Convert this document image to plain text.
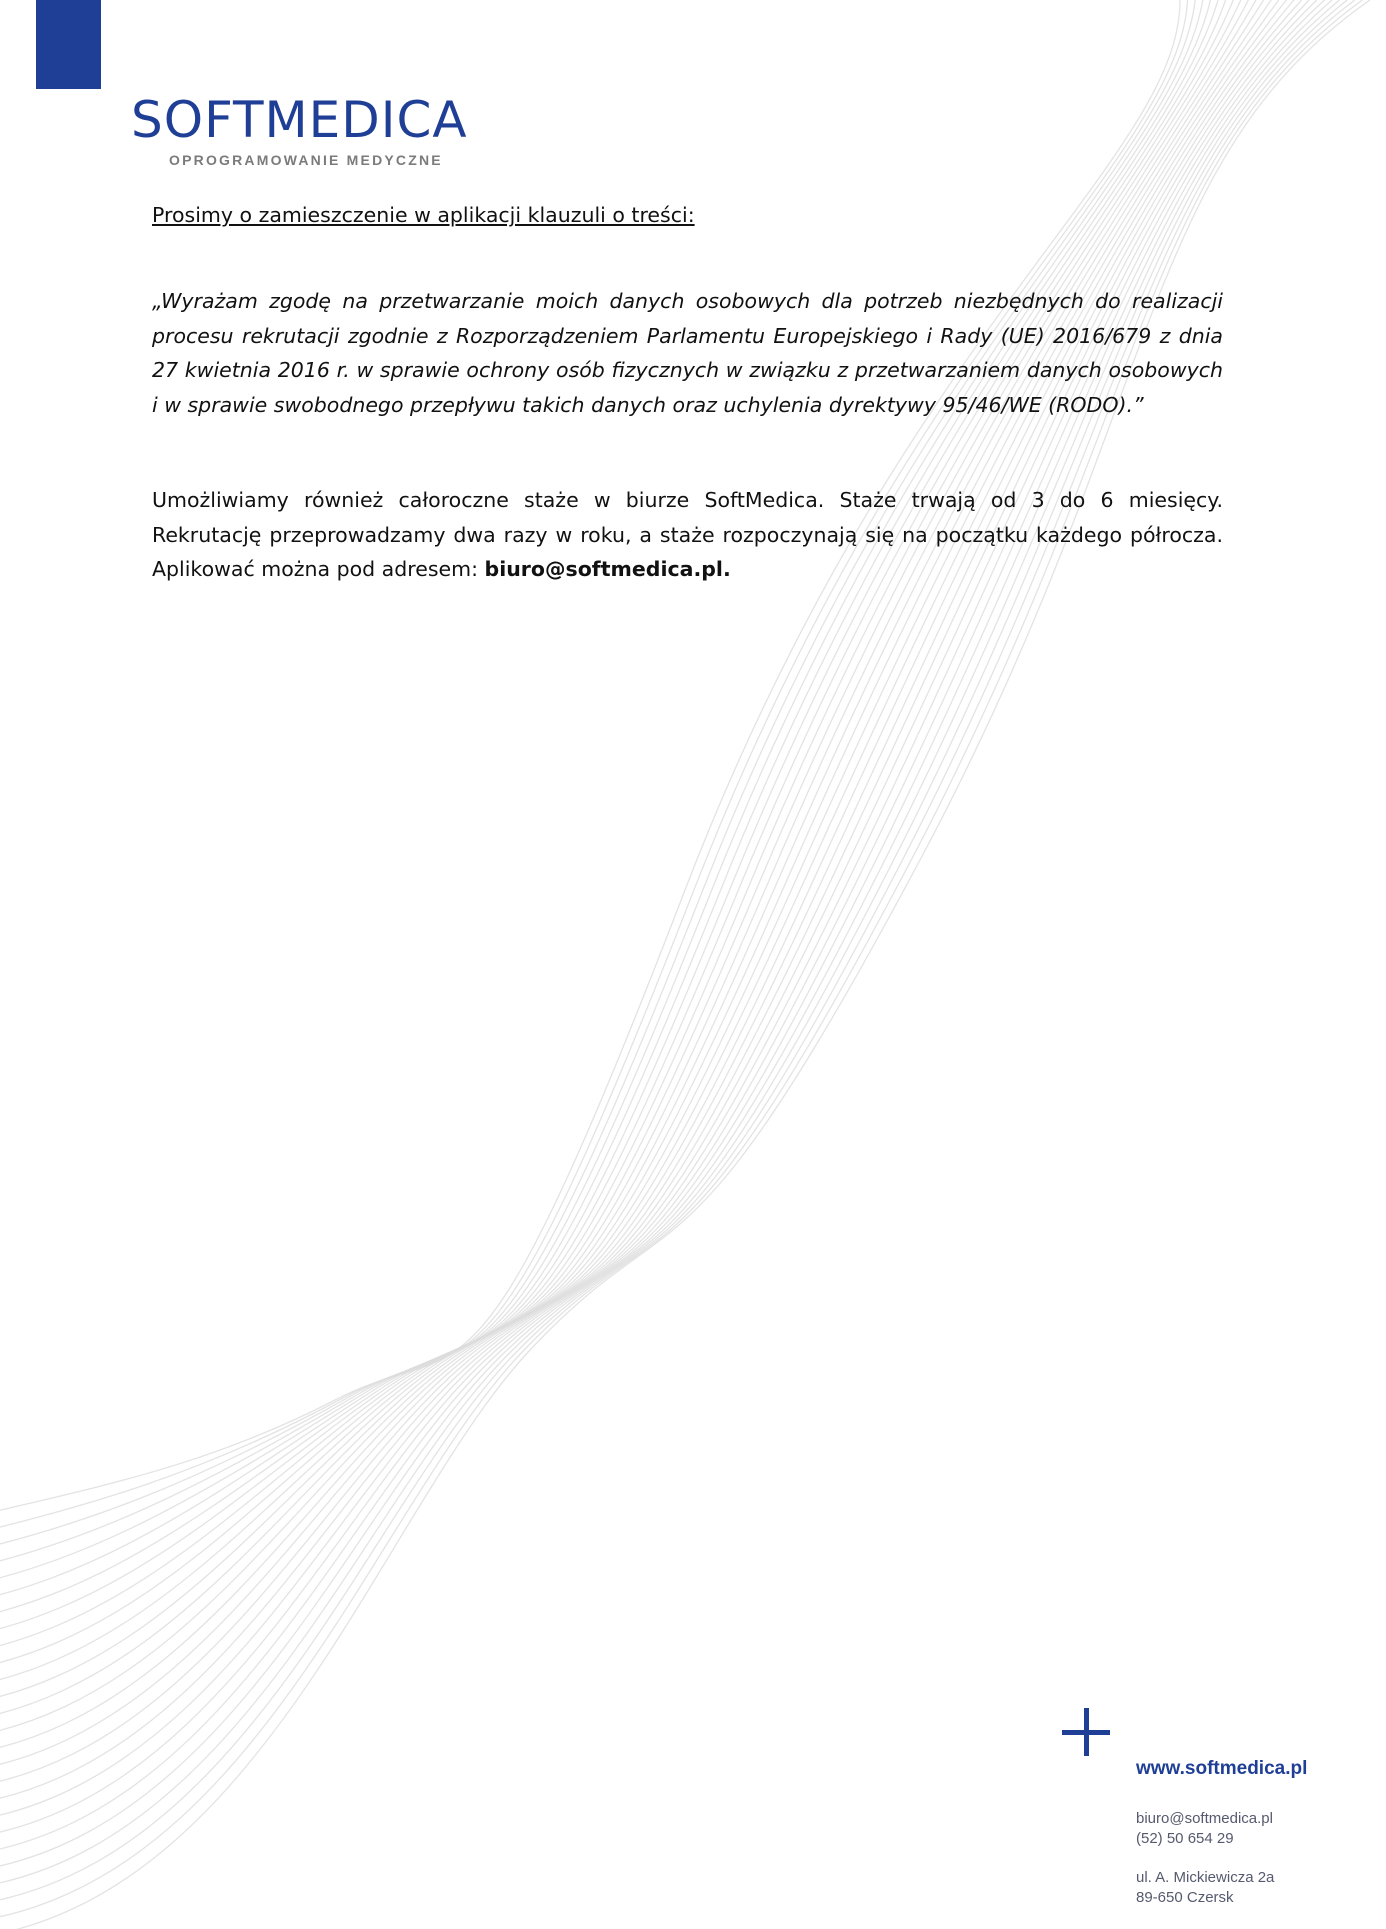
SOFTMEDICA
OPROGRAMOWANIE MEDYCZNE

Prosimy o zamieszczenie w aplikacji klauzuli o treści:

„Wyrażam zgodę na przetwarzanie moich danych osobowych dla potrzeb niezbędnych do realizacji procesu rekrutacji zgodnie z Rozporządzeniem Parlamentu Europejskiego i Rady (UE) 2016/679 z dnia 27 kwietnia 2016 r. w sprawie ochrony osób fizycznych w związku z przetwarzaniem danych osobowych i w sprawie swobodnego przepływu takich danych oraz uchylenia dyrektywy 95/46/WE (RODO).”

Umożliwiamy również całoroczne staże w biurze SoftMedica. Staże trwają od 3 do 6 miesięcy. Rekrutację przeprowadzamy dwa razy w roku, a staże rozpoczynają się na początku każdego półrocza. Aplikować można pod adresem: biuro@softmedica.pl.

www.softmedica.pl
biuro@softmedica.pl
(52) 50 654 29
ul. A. Mickiewicza 2a
89-650 Czersk
